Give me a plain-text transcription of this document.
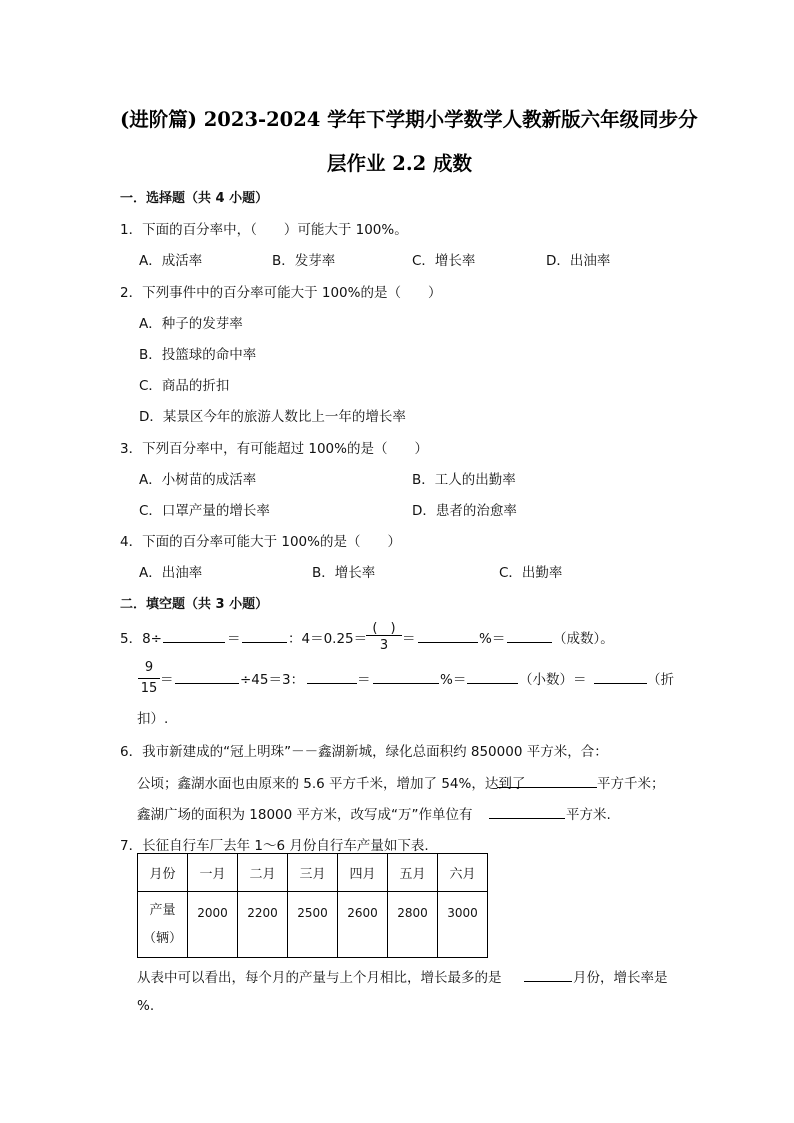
(进阶篇) 2023-2024 学年下学期小学数学人教新版六年级同步分
层作业 2.2 成数
一．选择题（共 4 小题）
1．下面的百分率中，（　　）可能大于 100%。
A．成活率	B．发芽率	C．增长率	D．出油率
2．下列事件中的百分率可能大于 100%的是（　　）
A．种子的发芽率
B．投篮球的命中率
C．商品的折扣
D．某景区今年的旅游人数比上一年的增长率
3．下列百分率中，有可能超过 100%的是（　　）
A．小树苗的成活率	B．工人的出勤率
C．口罩产量的增长率	D．患者的治愈率
4．下面的百分率可能大于 100%的是（　　）
A．出油率	B．增长率	C．出勤率
二．填空题（共 3 小题）
5．8÷	＝	：4＝0.25＝
(　)
3	＝	%＝	（成数）。
9
15
＝	÷45＝3：	＝	%＝	（小数）＝	（折
扣）.
6．我市新建成的“冠上明珠”－－鑫湖新城，绿化总面积约 850000 平方米，合：
公顷；鑫湖水面也由原来的 5.6 平方千米，增加了 54%，达到了	平方千米；
鑫湖广场的面积为 18000 平方米，改写成“万”作单位有	平方米.
7．长征自行车厂去年 1～6 月份自行车产量如下表.
月份	一月	二月	三月	四月	五月	六月

产量
（辆）	2000	2200	2500	2600	2800	3000
从表中可以看出，每个月的产量与上个月相比，增长最多的是	月份，增长率是
%.
